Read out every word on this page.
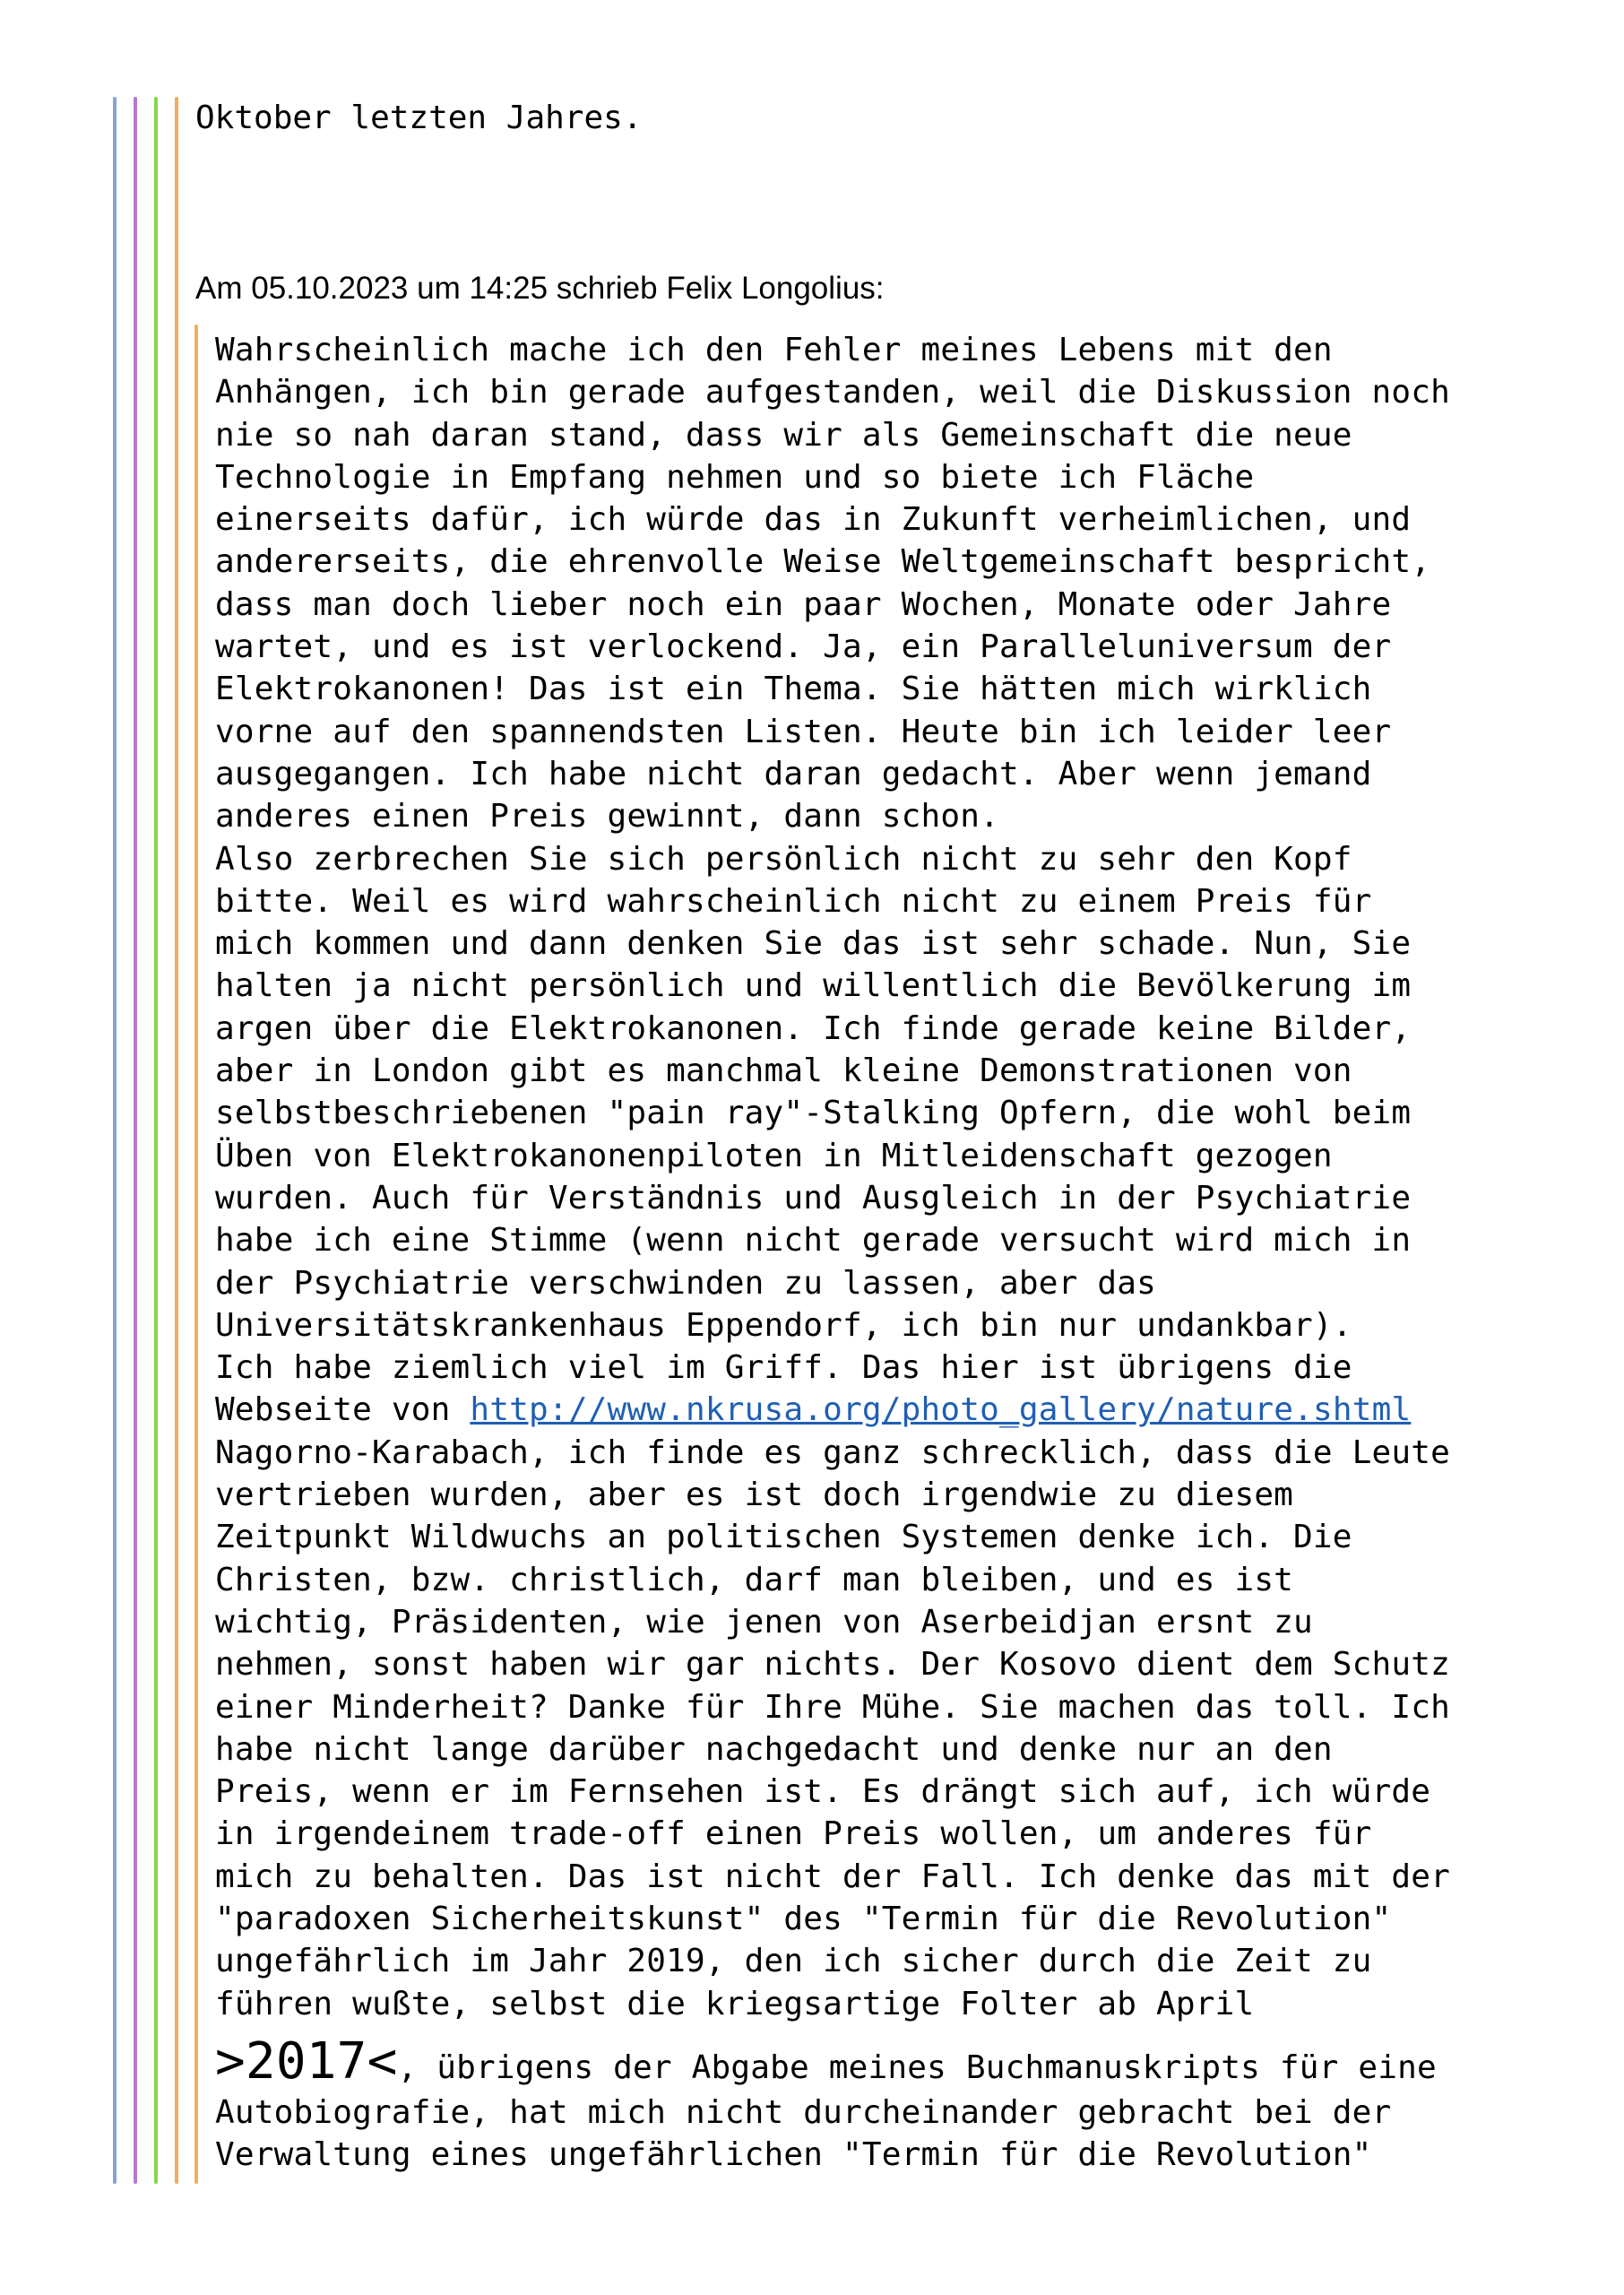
Oktober letzten Jahres.

Am 05.10.2023 um 14:25 schrieb Felix Longolius:

Wahrscheinlich mache ich den Fehler meines Lebens mit den
Anhängen, ich bin gerade aufgestanden, weil die Diskussion noch
nie so nah daran stand, dass wir als Gemeinschaft die neue
Technologie in Empfang nehmen und so biete ich Fläche
einerseits dafür, ich würde das in Zukunft verheimlichen, und
andererseits, die ehrenvolle Weise Weltgemeinschaft bespricht,
dass man doch lieber noch ein paar Wochen, Monate oder Jahre
wartet, und es ist verlockend. Ja, ein Paralleluniversum der
Elektrokanonen! Das ist ein Thema. Sie hätten mich wirklich
vorne auf den spannendsten Listen. Heute bin ich leider leer
ausgegangen. Ich habe nicht daran gedacht. Aber wenn jemand
anderes einen Preis gewinnt, dann schon.
Also zerbrechen Sie sich persönlich nicht zu sehr den Kopf
bitte. Weil es wird wahrscheinlich nicht zu einem Preis für
mich kommen und dann denken Sie das ist sehr schade. Nun, Sie
halten ja nicht persönlich und willentlich die Bevölkerung im
argen über die Elektrokanonen. Ich finde gerade keine Bilder,
aber in London gibt es manchmal kleine Demonstrationen von
selbstbeschriebenen "pain ray"-Stalking Opfern, die wohl beim
Üben von Elektrokanonenpiloten in Mitleidenschaft gezogen
wurden. Auch für Verständnis und Ausgleich in der Psychiatrie
habe ich eine Stimme (wenn nicht gerade versucht wird mich in
der Psychiatrie verschwinden zu lassen, aber das
Universitätskrankenhaus Eppendorf, ich bin nur undankbar).
Ich habe ziemlich viel im Griff. Das hier ist übrigens die
Webseite von http://www.nkrusa.org/photo_gallery/nature.shtml
Nagorno-Karabach, ich finde es ganz schrecklich, dass die Leute
vertrieben wurden, aber es ist doch irgendwie zu diesem
Zeitpunkt Wildwuchs an politischen Systemen denke ich. Die
Christen, bzw. christlich, darf man bleiben, und es ist
wichtig, Präsidenten, wie jenen von Aserbeidjan ersnt zu
nehmen, sonst haben wir gar nichts. Der Kosovo dient dem Schutz
einer Minderheit? Danke für Ihre Mühe. Sie machen das toll. Ich
habe nicht lange darüber nachgedacht und denke nur an den
Preis, wenn er im Fernsehen ist. Es drängt sich auf, ich würde
in irgendeinem trade-off einen Preis wollen, um anderes für
mich zu behalten. Das ist nicht der Fall. Ich denke das mit der
"paradoxen Sicherheitskunst" des "Termin für die Revolution"
ungefährlich im Jahr 2019, den ich sicher durch die Zeit zu
führen wußte, selbst die kriegsartige Folter ab April
>2017<, übrigens der Abgabe meines Buchmanuskripts für eine
Autobiografie, hat mich nicht durcheinander gebracht bei der
Verwaltung eines ungefährlichen "Termin für die Revolution"
